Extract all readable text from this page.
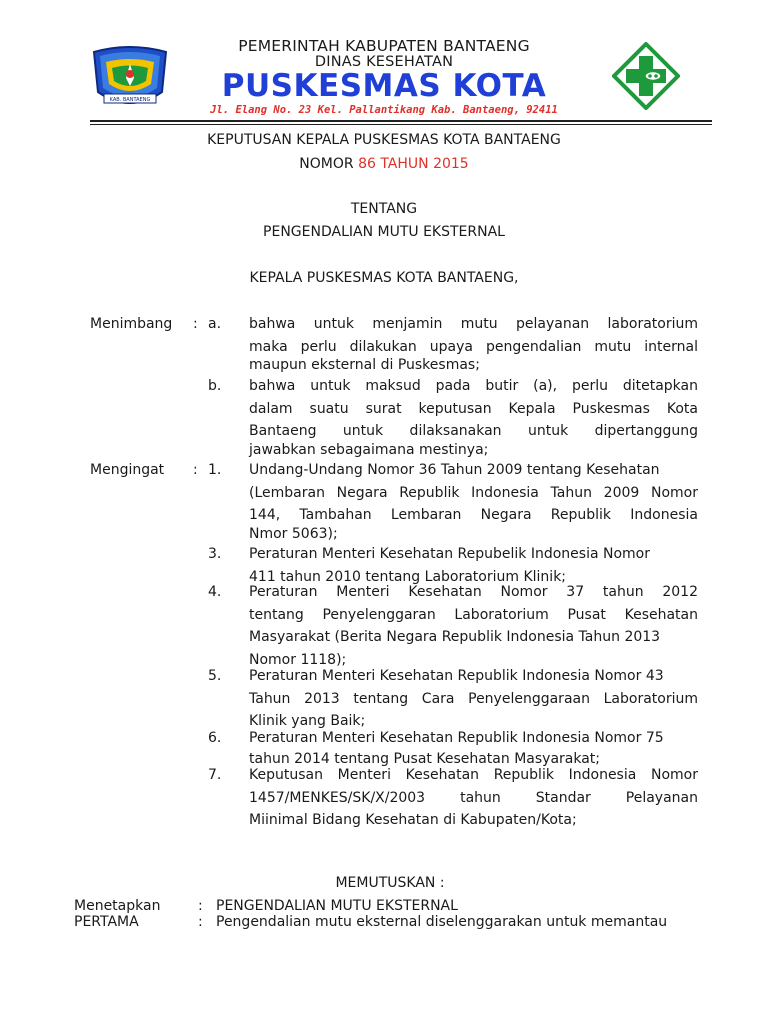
KAB. BANTAENG
PEMERINTAH KABUPATEN BANTAENG
DINAS KESEHATAN
PUSKESMAS KOTA
Jl. Elang No. 23 Kel. Pallantikang Kab. Bantaeng, 92411
KEPUTUSAN KEPALA PUSKESMAS KOTA BANTAENG
NOMOR 86 TAHUN 2015
TENTANG
PENGENDALIAN MUTU EKSTERNAL
KEPALA PUSKESMAS KOTA BANTAENG,
Menimbang : a. bahwa untuk menjamin mutu pelayanan laboratorium
maka perlu dilakukan upaya pengendalian mutu internal
maupun eksternal di Puskesmas;
b. bahwa untuk maksud pada butir (a), perlu ditetapkan
dalam suatu surat keputusan Kepala Puskesmas Kota
Bantaeng untuk dilaksanakan untuk dipertanggung
jawabkan sebagaimana mestinya;
Mengingat : 1. Undang-Undang Nomor 36 Tahun 2009 tentang Kesehatan
(Lembaran Negara Republik Indonesia Tahun 2009 Nomor
144, Tambahan Lembaran Negara Republik Indonesia
Nmor 5063);
3. Peraturan Menteri Kesehatan Repubelik Indonesia Nomor
411 tahun 2010 tentang Laboratorium Klinik;
4. Peraturan Menteri Kesehatan Nomor 37 tahun 2012
tentang Penyelenggaran Laboratorium Pusat Kesehatan
Masyarakat (Berita Negara Republik Indonesia Tahun 2013
Nomor 1118);
5. Peraturan Menteri Kesehatan Republik Indonesia Nomor 43
Tahun 2013 tentang Cara Penyelenggaraan Laboratorium
Klinik yang Baik;
6. Peraturan Menteri Kesehatan Republik Indonesia Nomor 75
tahun 2014 tentang Pusat Kesehatan Masyarakat;
7. Keputusan Menteri Kesehatan Republik Indonesia Nomor
1457/MENKES/SK/X/2003 tahun Standar Pelayanan
Miinimal Bidang Kesehatan di Kabupaten/Kota;
MEMUTUSKAN :
Menetapkan	: PENGENDALIAN MUTU EKSTERNAL
PERTAMA	: Pengendalian mutu eksternal diselenggarakan untuk memantau
